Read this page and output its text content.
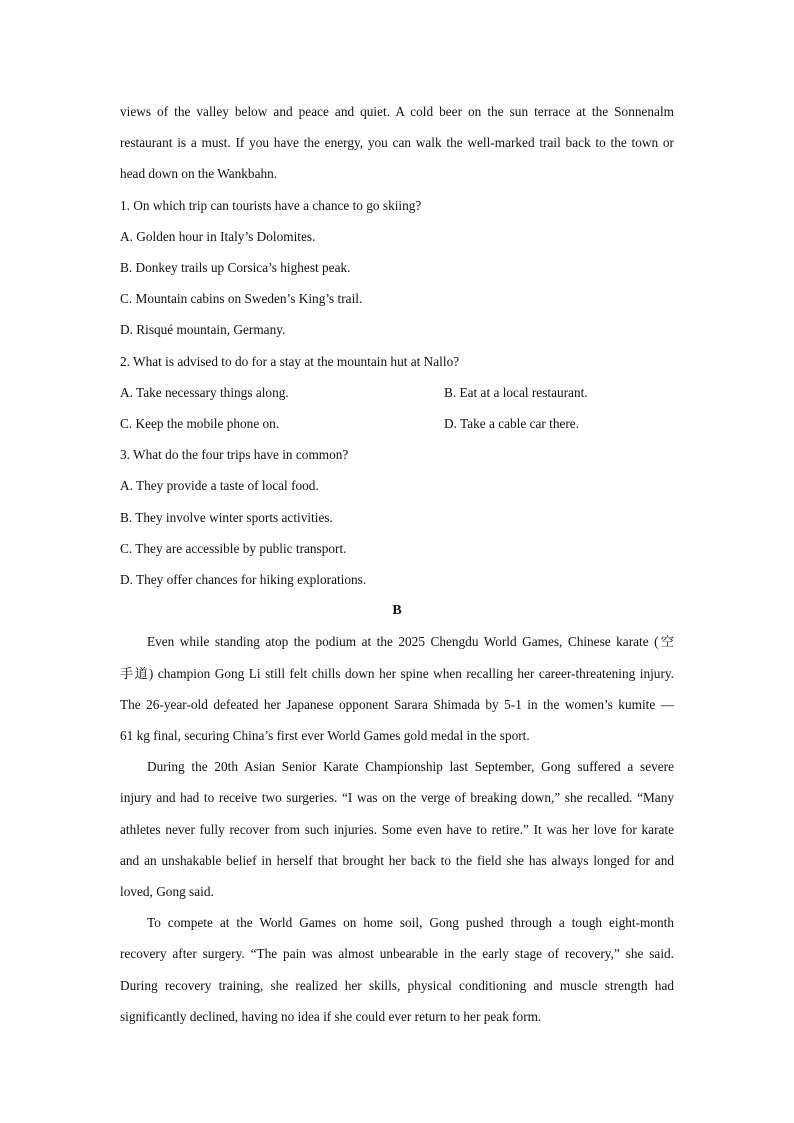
views of the valley below and peace and quiet. A cold beer on the sun terrace at the Sonnenalm

restaurant is a must. If you have the energy, you can walk the well-marked trail back to the town or

head down on the Wankbahn.

1. On which trip can tourists have a chance to go skiing?

A. Golden hour in Italy’s Dolomites.

B. Donkey trails up Corsica’s highest peak.

C. Mountain cabins on Sweden’s King’s trail.

D. Risqué mountain, Germany.

2. What is advised to do for a stay at the mountain hut at Nallo?

A. Take necessary things along.	B. Eat at a local restaurant.

C. Keep the mobile phone on.	D. Take a cable car there.

3. What do the four trips have in common?

A. They provide a taste of local food.

B. They involve winter sports activities.

C. They are accessible by public transport.

D. They offer chances for hiking explorations.

B

Even while standing atop the podium at the 2025 Chengdu World Games, Chinese karate (空

手道) champion Gong Li still felt chills down her spine when recalling her career-threatening injury.

The 26-year-old defeated her Japanese opponent Sarara Shimada by 5-1 in the women’s kumite —

61 kg final, securing China’s first ever World Games gold medal in the sport.

During the 20th Asian Senior Karate Championship last September, Gong suffered a severe

injury and had to receive two surgeries. “I was on the verge of breaking down,” she recalled. “Many

athletes never fully recover from such injuries. Some even have to retire.” It was her love for karate

and an unshakable belief in herself that brought her back to the field she has always longed for and

loved, Gong said.

To compete at the World Games on home soil, Gong pushed through a tough eight-month

recovery after surgery. “The pain was almost unbearable in the early stage of recovery,” she said.

During recovery training, she realized her skills, physical conditioning and muscle strength had

significantly declined, having no idea if she could ever return to her peak form.
